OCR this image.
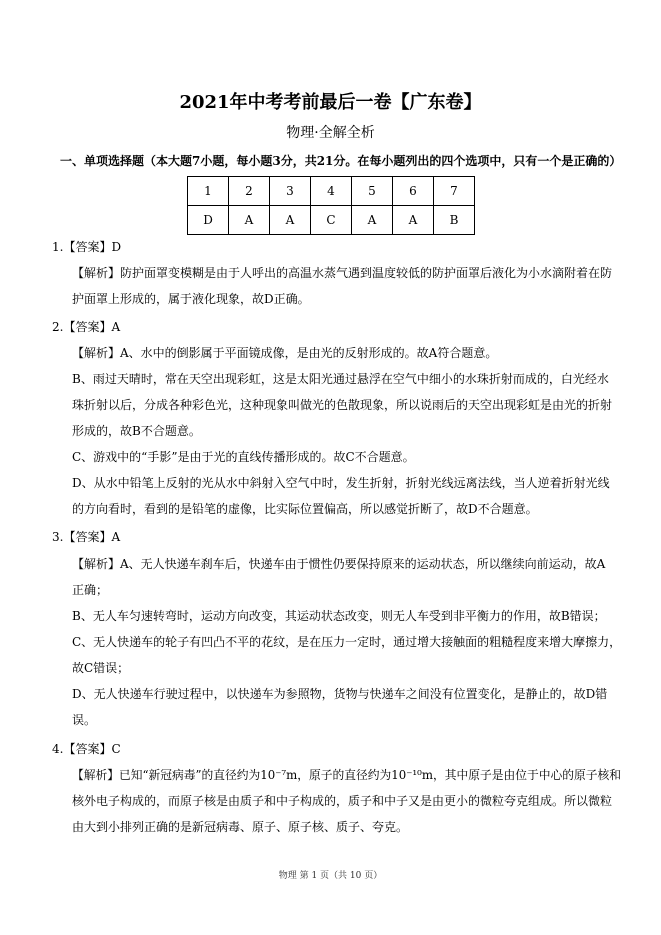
2021年中考考前最后一卷【广东卷】
物理·全解全析
一、单项选择题（本大题7小题，每小题3分，共21分。在每小题列出的四个选项中，只有一个是正确的）
1	2	3	4	5	6	7
D	A	A	C	A	A	B
1.【答案】D
【解析】防护面罩变模糊是由于人呼出的高温水蒸气遇到温度较低的防护面罩后液化为小水滴附着在防
护面罩上形成的，属于液化现象，故D正确。
2.【答案】A
【解析】A、水中的倒影属于平面镜成像，是由光的反射形成的。故A符合题意。
B、雨过天晴时，常在天空出现彩虹，这是太阳光通过悬浮在空气中细小的水珠折射而成的，白光经水
珠折射以后，分成各种彩色光，这种现象叫做光的色散现象，所以说雨后的天空出现彩虹是由光的折射
形成的，故B不合题意。
C、游戏中的“手影”是由于光的直线传播形成的。故C不合题意。
D、从水中铅笔上反射的光从水中斜射入空气中时，发生折射，折射光线远离法线，当人逆着折射光线
的方向看时，看到的是铅笔的虚像，比实际位置偏高，所以感觉折断了，故D不合题意。
3.【答案】A
【解析】A、无人快递车刹车后，快递车由于惯性仍要保持原来的运动状态，所以继续向前运动，故A
正确；
B、无人车匀速转弯时，运动方向改变，其运动状态改变，则无人车受到非平衡力的作用，故B错误；
C、无人快递车的轮子有凹凸不平的花纹，是在压力一定时，通过增大接触面的粗糙程度来增大摩擦力，
故C错误；
D、无人快递车行驶过程中，以快递车为参照物，货物与快递车之间没有位置变化，是静止的，故D错
误。
4.【答案】C
【解析】已知“新冠病毒”的直径约为10⁻⁷m，原子的直径约为10⁻¹⁰m，其中原子是由位于中心的原子核和
核外电子构成的，而原子核是由质子和中子构成的，质子和中子又是由更小的微粒夸克组成。所以微粒
由大到小排列正确的是新冠病毒、原子、原子核、质子、夸克。
物理 第 1 页（共 10 页）
